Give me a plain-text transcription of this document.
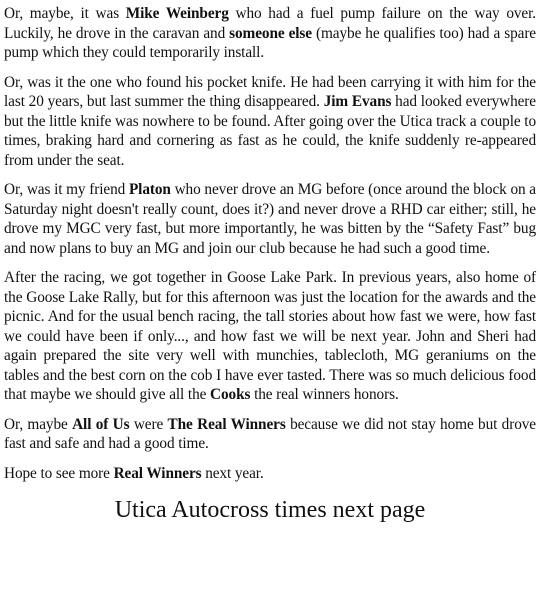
Or, maybe, it was Mike Weinberg who had a fuel pump failure on the way over. Luckily, he drove in the caravan and someone else (maybe he qualifies too) had a spare pump which they could temporarily install.

Or, was it the one who found his pocket knife. He had been carrying it with him for the last 20 years, but last summer the thing disappeared. Jim Evans had looked everywhere but the little knife was nowhere to be found. After going over the Utica track a couple to times, braking hard and cornering as fast as he could, the knife suddenly re-appeared from under the seat.

Or, was it my friend Platon who never drove an MG before (once around the block on a Saturday night doesn't really count, does it?) and never drove a RHD car either; still, he drove my MGC very fast, but more importantly, he was bitten by the “Safety Fast” bug and now plans to buy an MG and join our club because he had such a good time.

After the racing, we got together in Goose Lake Park. In previous years, also home of the Goose Lake Rally, but for this afternoon was just the location for the awards and the picnic. And for the usual bench racing, the tall stories about how fast we were, how fast we could have been if only..., and how fast we will be next year. John and Sheri had again prepared the site very well with munchies, tablecloth, MG geraniums on the tables and the best corn on the cob I have ever tasted. There was so much delicious food that maybe we should give all the Cooks the real winners honors.

Or, maybe All of Us were The Real Winners because we did not stay home but drove fast and safe and had a good time.

Hope to see more Real Winners next year.

Utica Autocross times next page
